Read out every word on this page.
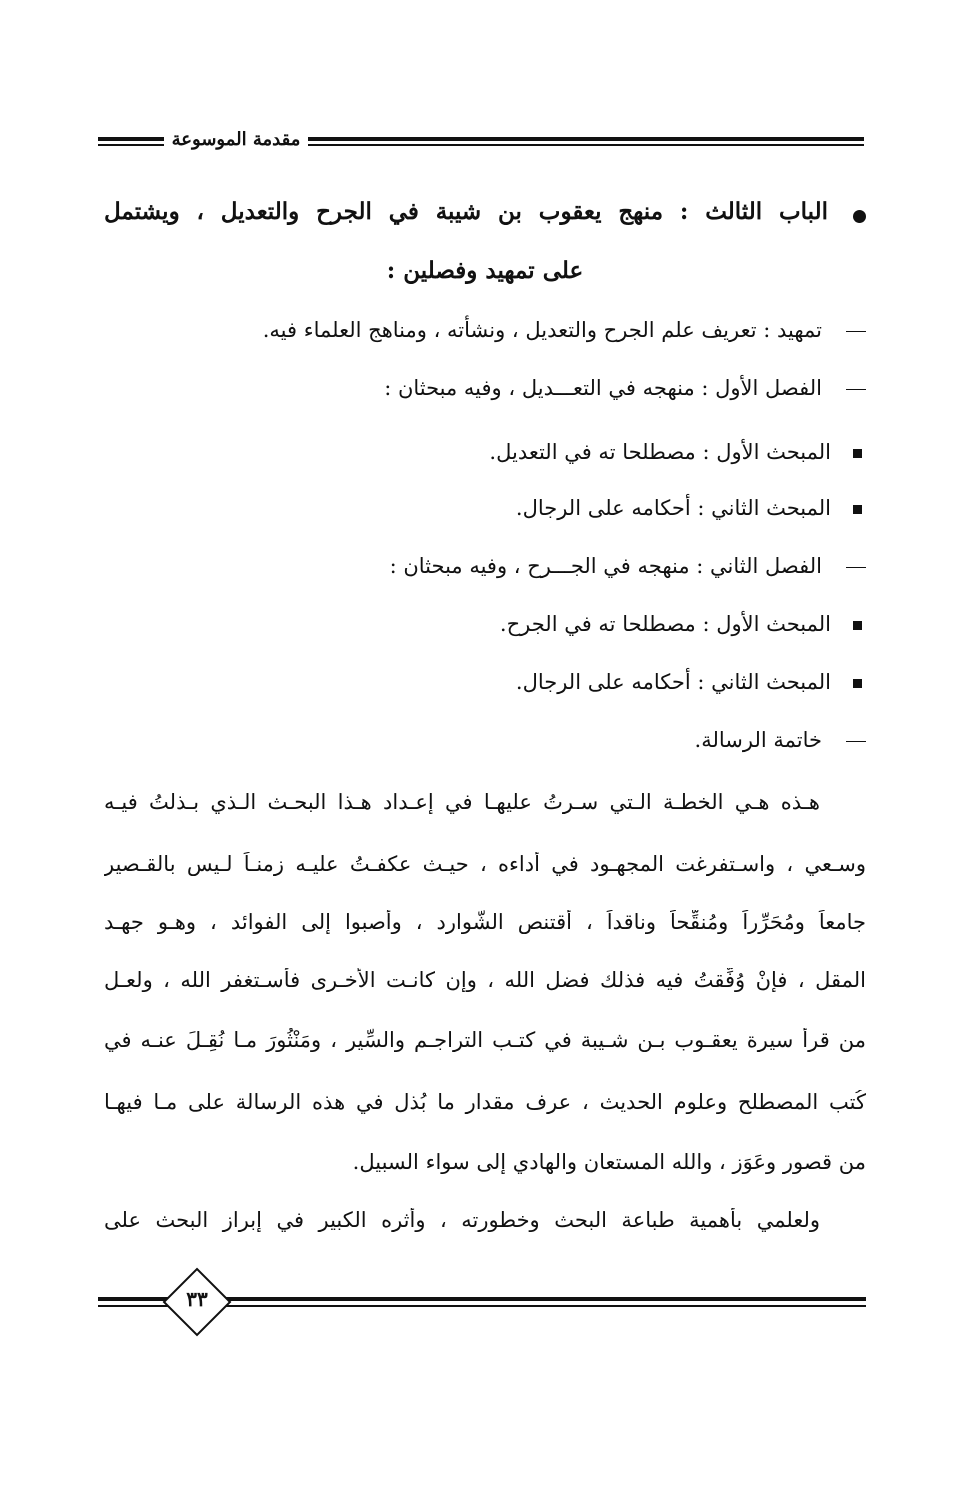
مقدمة الموسوعة
الباب الثالث : منهج يعقوب بن شيبة في الجرح والتعديل ، ويشتمل
على تمهيد وفصلين :
تمهيد : تعريف علم الجرح والتعديل ، ونشأته ، ومناهج العلماء فيه.
الفصل الأول : منهجه في التعـــديل ، وفيه مبحثان :
المبحث الأول : مصطلحا ته في التعديل.
المبحث الثاني : أحكامه على الرجال.
الفصل الثاني : منهجه في الجـــرح ، وفيه مبحثان :
المبحث الأول : مصطلحا ته في الجرح.
المبحث الثاني : أحكامه على الرجال.
خاتمة الرسالة.
هـذه هـي الخطـة الـتي سـرتُ عليهـا في إعـداد هـذا البحـث الـذي بـذلتُ فيـه
وسـعي ، واسـتفرغت المجهـود في أداءه ، حيـث عكفـتُ عليـه زمنـاً لـيس بالقـصير
جامعاً ومُحَرِّراً ومُنقِّحاً وناقداً ، أقتنص الشّوارد ، وأصبوا إلى الفوائد ، وهـو جهـد
المقل ، فإنْ وُفِّقتُ فيه فذلك فضل الله ، وإن كانـت الأخـرى فأسـتغفر الله ، ولعـل
من قرأ سيرة يعقـوب بـن شـيبة في كتـب التراجـم والسِّير ، ومَنْثُورَ مـا نُقِـلَ عنـه في
كُتب المصطلح وعلومِ الحديث ، عرف مقدار ما بُذل في هذه الرسالة على مـا فيهـا
من قصورٍ وعَوَزٍ ، والله المستعان والهادي إلى سواء السبيل.
ولعلمي بأهمية طباعة البحث وخطورته ، وأثره الكبير في إبراز البحث على
٣٣
